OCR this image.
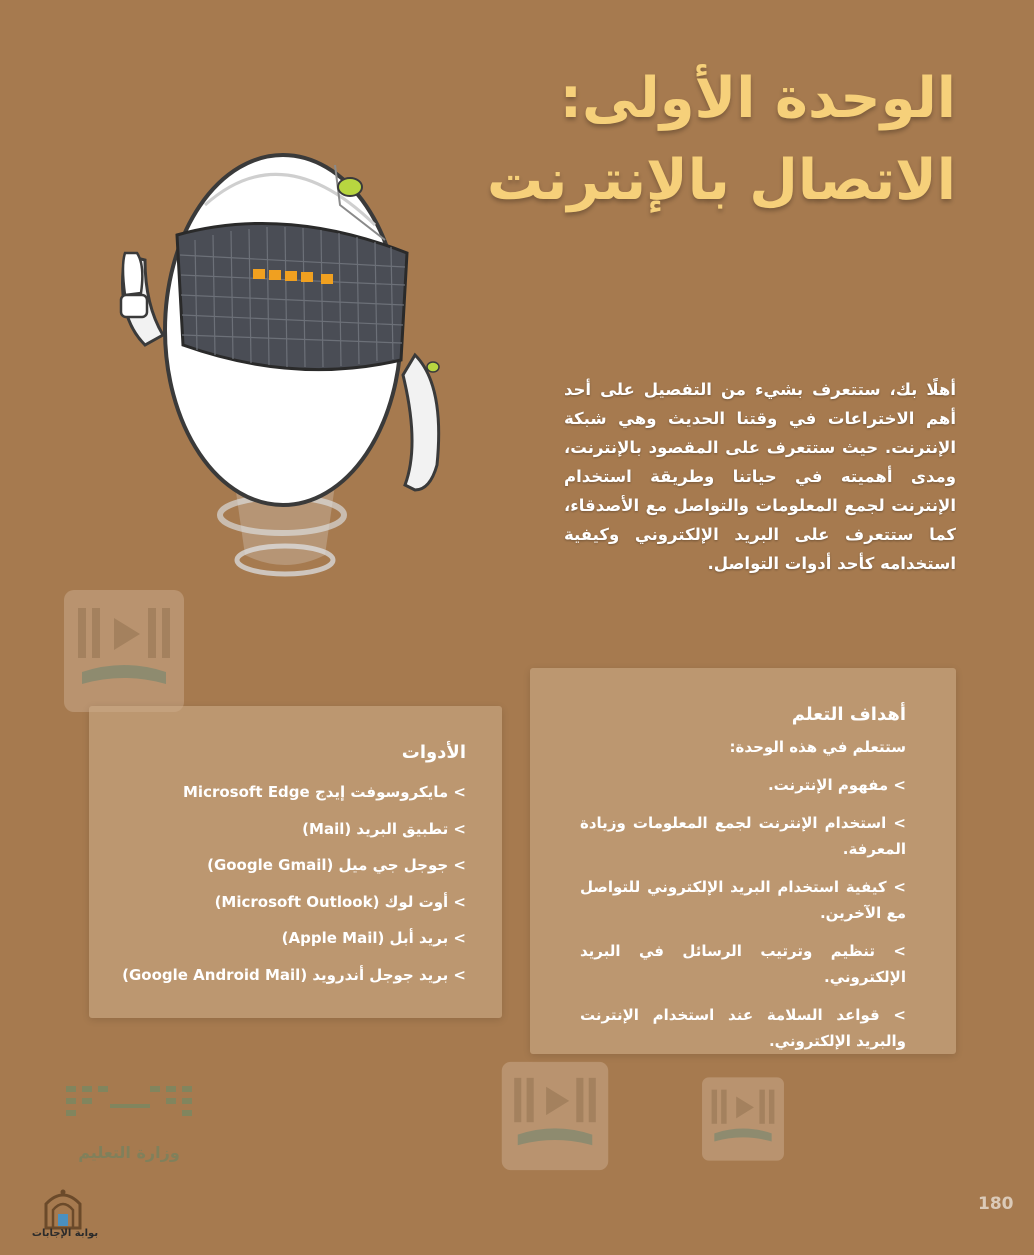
الوحدة الأولى:
الاتصال بالإنترنت

أهلًا بك، ستتعرف بشيء من التفصيل على أحد أهم الاختراعات في وقتنا الحديث وهي شبكة الإنترنت. حيث ستتعرف على المقصود بالإنترنت، ومدى أهميته في حياتنا وطريقة استخدام الإنترنت لجمع المعلومات والتواصل مع الأصدقاء، كما ستتعرف على البريد الإلكتروني وكيفية استخدامه كأحد أدوات التواصل.

أهداف التعلم
ستتعلم في هذه الوحدة:
> مفهوم الإنترنت.
> استخدام الإنترنت لجمع المعلومات وزيادة المعرفة.
> كيفية استخدام البريد الإلكتروني للتواصل مع الآخرين.
> تنظيم وترتيب الرسائل في البريد الإلكتروني.
> قواعد السلامة عند استخدام الإنترنت والبريد الإلكتروني.
الأدوات
> مايكروسوفت إيدج Microsoft Edge
> تطبيق البريد (Mail)
> جوجل جي ميل (Google Gmail)
> أوت لوك (Microsoft Outlook)
> بريد أبل (Apple Mail)
> بريد جوجل أندرويد (Google Android Mail)
وزارة التعليم
بوابة الإجابات
180
